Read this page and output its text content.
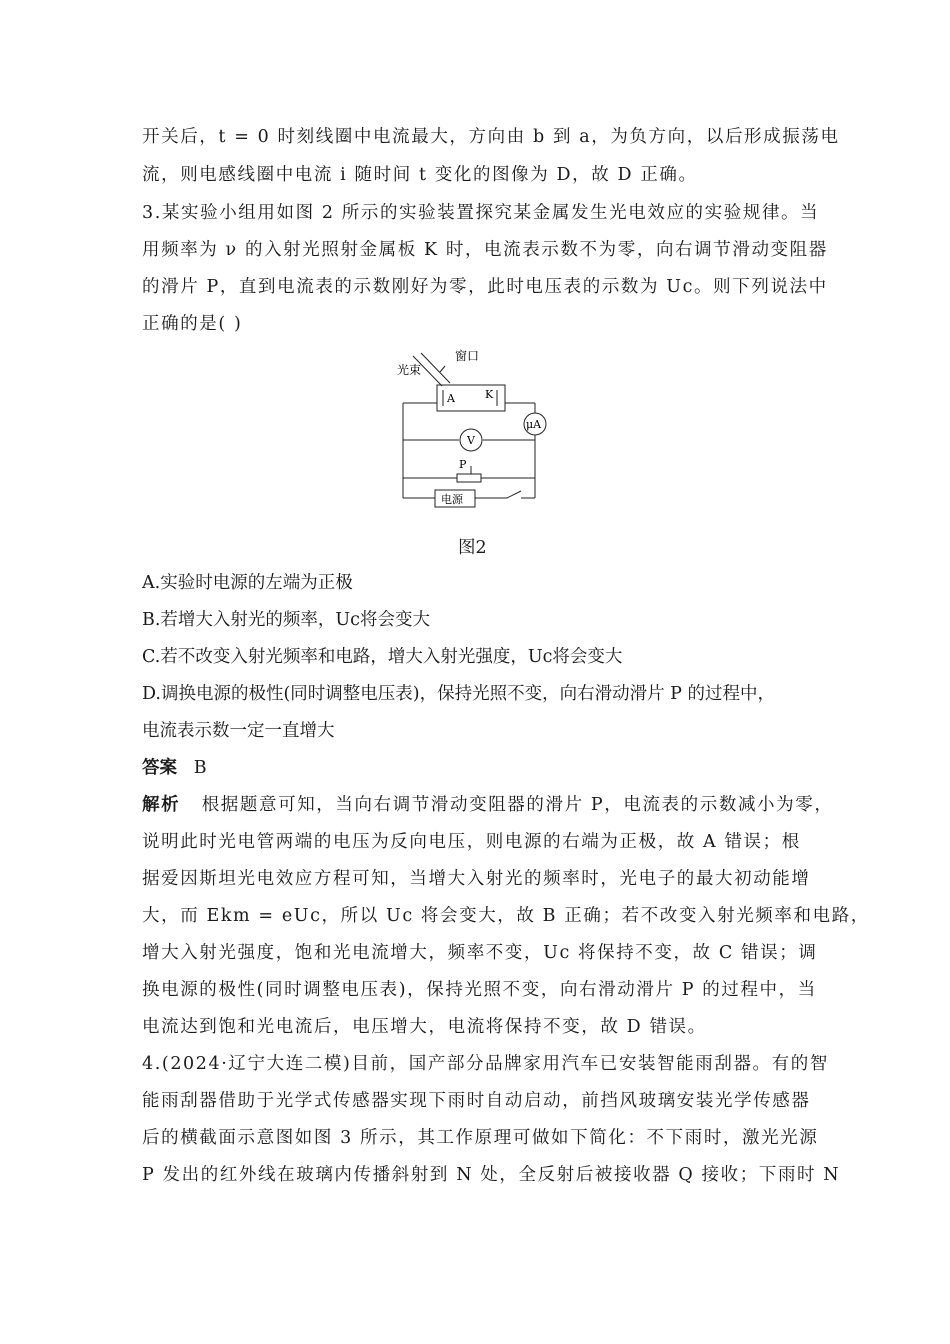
开关后，t = 0 时刻线圈中电流最大，方向由 b 到 a，为负方向，以后形成振荡电
流，则电感线圈中电流 i 随时间 t 变化的图像为 D，故 D 正确。
3.某实验小组用如图 2 所示的实验装置探究某金属发生光电效应的实验规律。当
用频率为 ν 的入射光照射金属板 K 时，电流表示数不为零，向右调节滑动变阻器
的滑片 P，直到电流表的示数刚好为零，此时电压表的示数为 Uc。则下列说法中
正确的是( )
窗口
光束
A	K
μA
V
P
电源
图2
A.实验时电源的左端为正极
B.若增大入射光的频率，Uc将会变大
C.若不改变入射光频率和电路，增大入射光强度，Uc将会变大
D.调换电源的极性(同时调整电压表)，保持光照不变，向右滑动滑片 P 的过程中，
电流表示数一定一直增大
答案 B
解析 根据题意可知，当向右调节滑动变阻器的滑片 P，电流表的示数减小为零，
说明此时光电管两端的电压为反向电压，则电源的右端为正极，故 A 错误；根
据爱因斯坦光电效应方程可知，当增大入射光的频率时，光电子的最大初动能增
大，而 Ekm = eUc，所以 Uc 将会变大，故 B 正确；若不改变入射光频率和电路，
增大入射光强度，饱和光电流增大，频率不变，Uc 将保持不变，故 C 错误；调
换电源的极性(同时调整电压表)，保持光照不变，向右滑动滑片 P 的过程中，当
电流达到饱和光电流后，电压增大，电流将保持不变，故 D 错误。
4.(2024·辽宁大连二模)目前，国产部分品牌家用汽车已安装智能雨刮器。有的智
能雨刮器借助于光学式传感器实现下雨时自动启动，前挡风玻璃安装光学传感器
后的横截面示意图如图 3 所示，其工作原理可做如下简化：不下雨时，激光光源
P 发出的红外线在玻璃内传播斜射到 N 处，全反射后被接收器 Q 接收；下雨时 N
